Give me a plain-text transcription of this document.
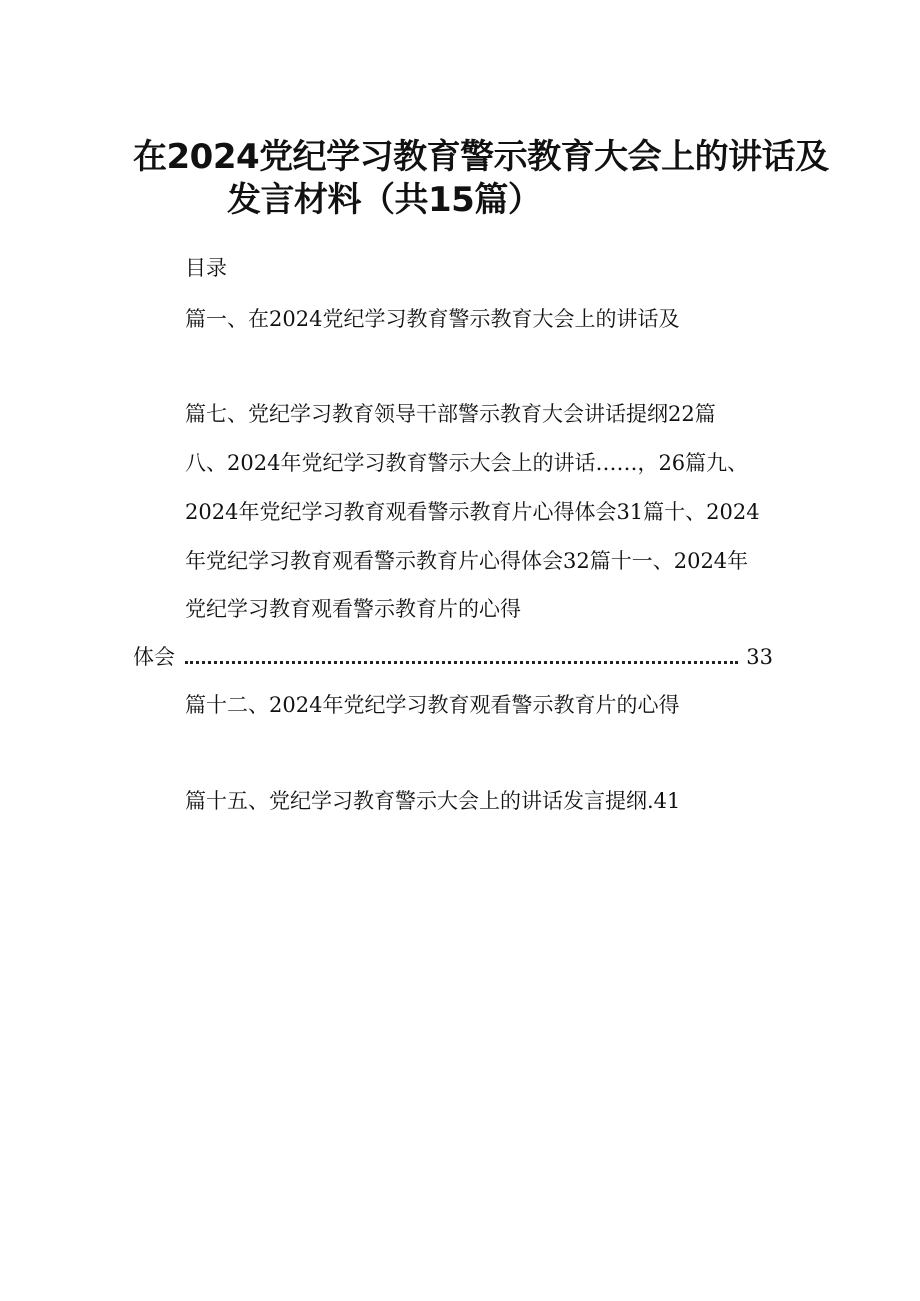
在2024党纪学习教育警示教育大会上的讲话及
发言材料（共15篇）
目录
篇一、在2024党纪学习教育警示教育大会上的讲话及
篇七、党纪学习教育领导干部警示教育大会讲话提纲22篇
八、2024年党纪学习教育警示大会上的讲话……，26篇九、
2024年党纪学习教育观看警示教育片心得体会31篇十、2024
年党纪学习教育观看警示教育片心得体会32篇十一、2024年
党纪学习教育观看警示教育片的心得
体会	33
篇十二、2024年党纪学习教育观看警示教育片的心得
篇十五、党纪学习教育警示大会上的讲话发言提纲.41
